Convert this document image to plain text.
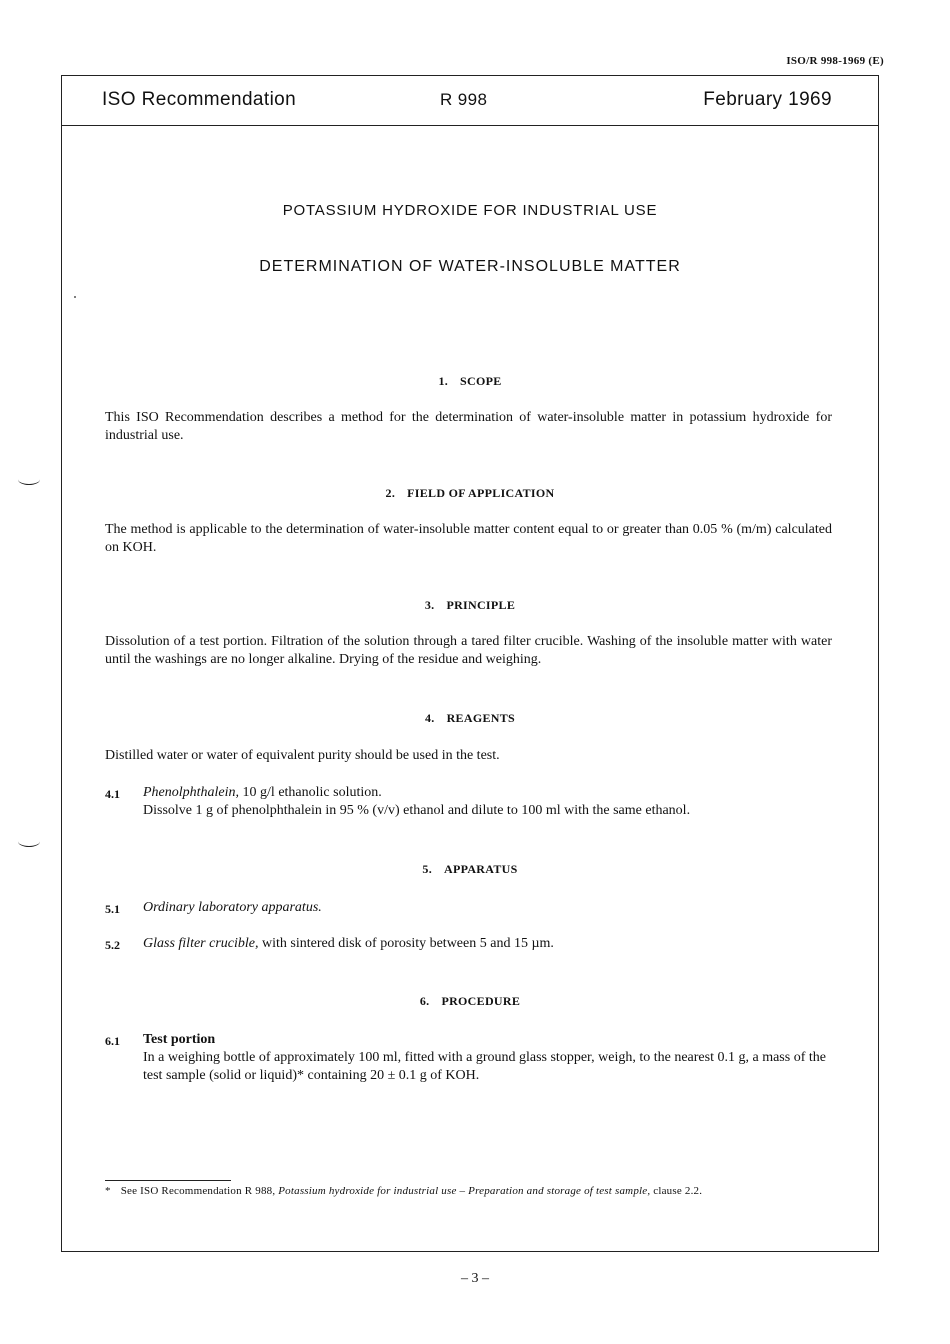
ISO/R 998-1969 (E)
ISO Recommendation	R 998	February 1969
POTASSIUM HYDROXIDE FOR INDUSTRIAL USE
DETERMINATION OF WATER-INSOLUBLE MATTER
1. SCOPE
This ISO Recommendation describes a method for the determination of water-insoluble matter in potassium hydroxide for industrial use.
2. FIELD OF APPLICATION
The method is applicable to the determination of water-insoluble matter content equal to or greater than 0.05 % (m/m) calculated on KOH.
3. PRINCIPLE
Dissolution of a test portion. Filtration of the solution through a tared filter crucible. Washing of the insoluble matter with water until the washings are no longer alkaline. Drying of the residue and weighing.
4. REAGENTS
Distilled water or water of equivalent purity should be used in the test.
4.1 Phenolphthalein, 10 g/l ethanolic solution.
Dissolve 1 g of phenolphthalein in 95 % (v/v) ethanol and dilute to 100 ml with the same ethanol.
5. APPARATUS
5.1 Ordinary laboratory apparatus.
5.2 Glass filter crucible, with sintered disk of porosity between 5 and 15 µm.
6. PROCEDURE
6.1 Test portion
In a weighing bottle of approximately 100 ml, fitted with a ground glass stopper, weigh, to the nearest 0.1 g, a mass of the test sample (solid or liquid)* containing 20 ± 0.1 g of KOH.
* See ISO Recommendation R 988, Potassium hydroxide for industrial use – Preparation and storage of test sample, clause 2.2.
– 3 –
